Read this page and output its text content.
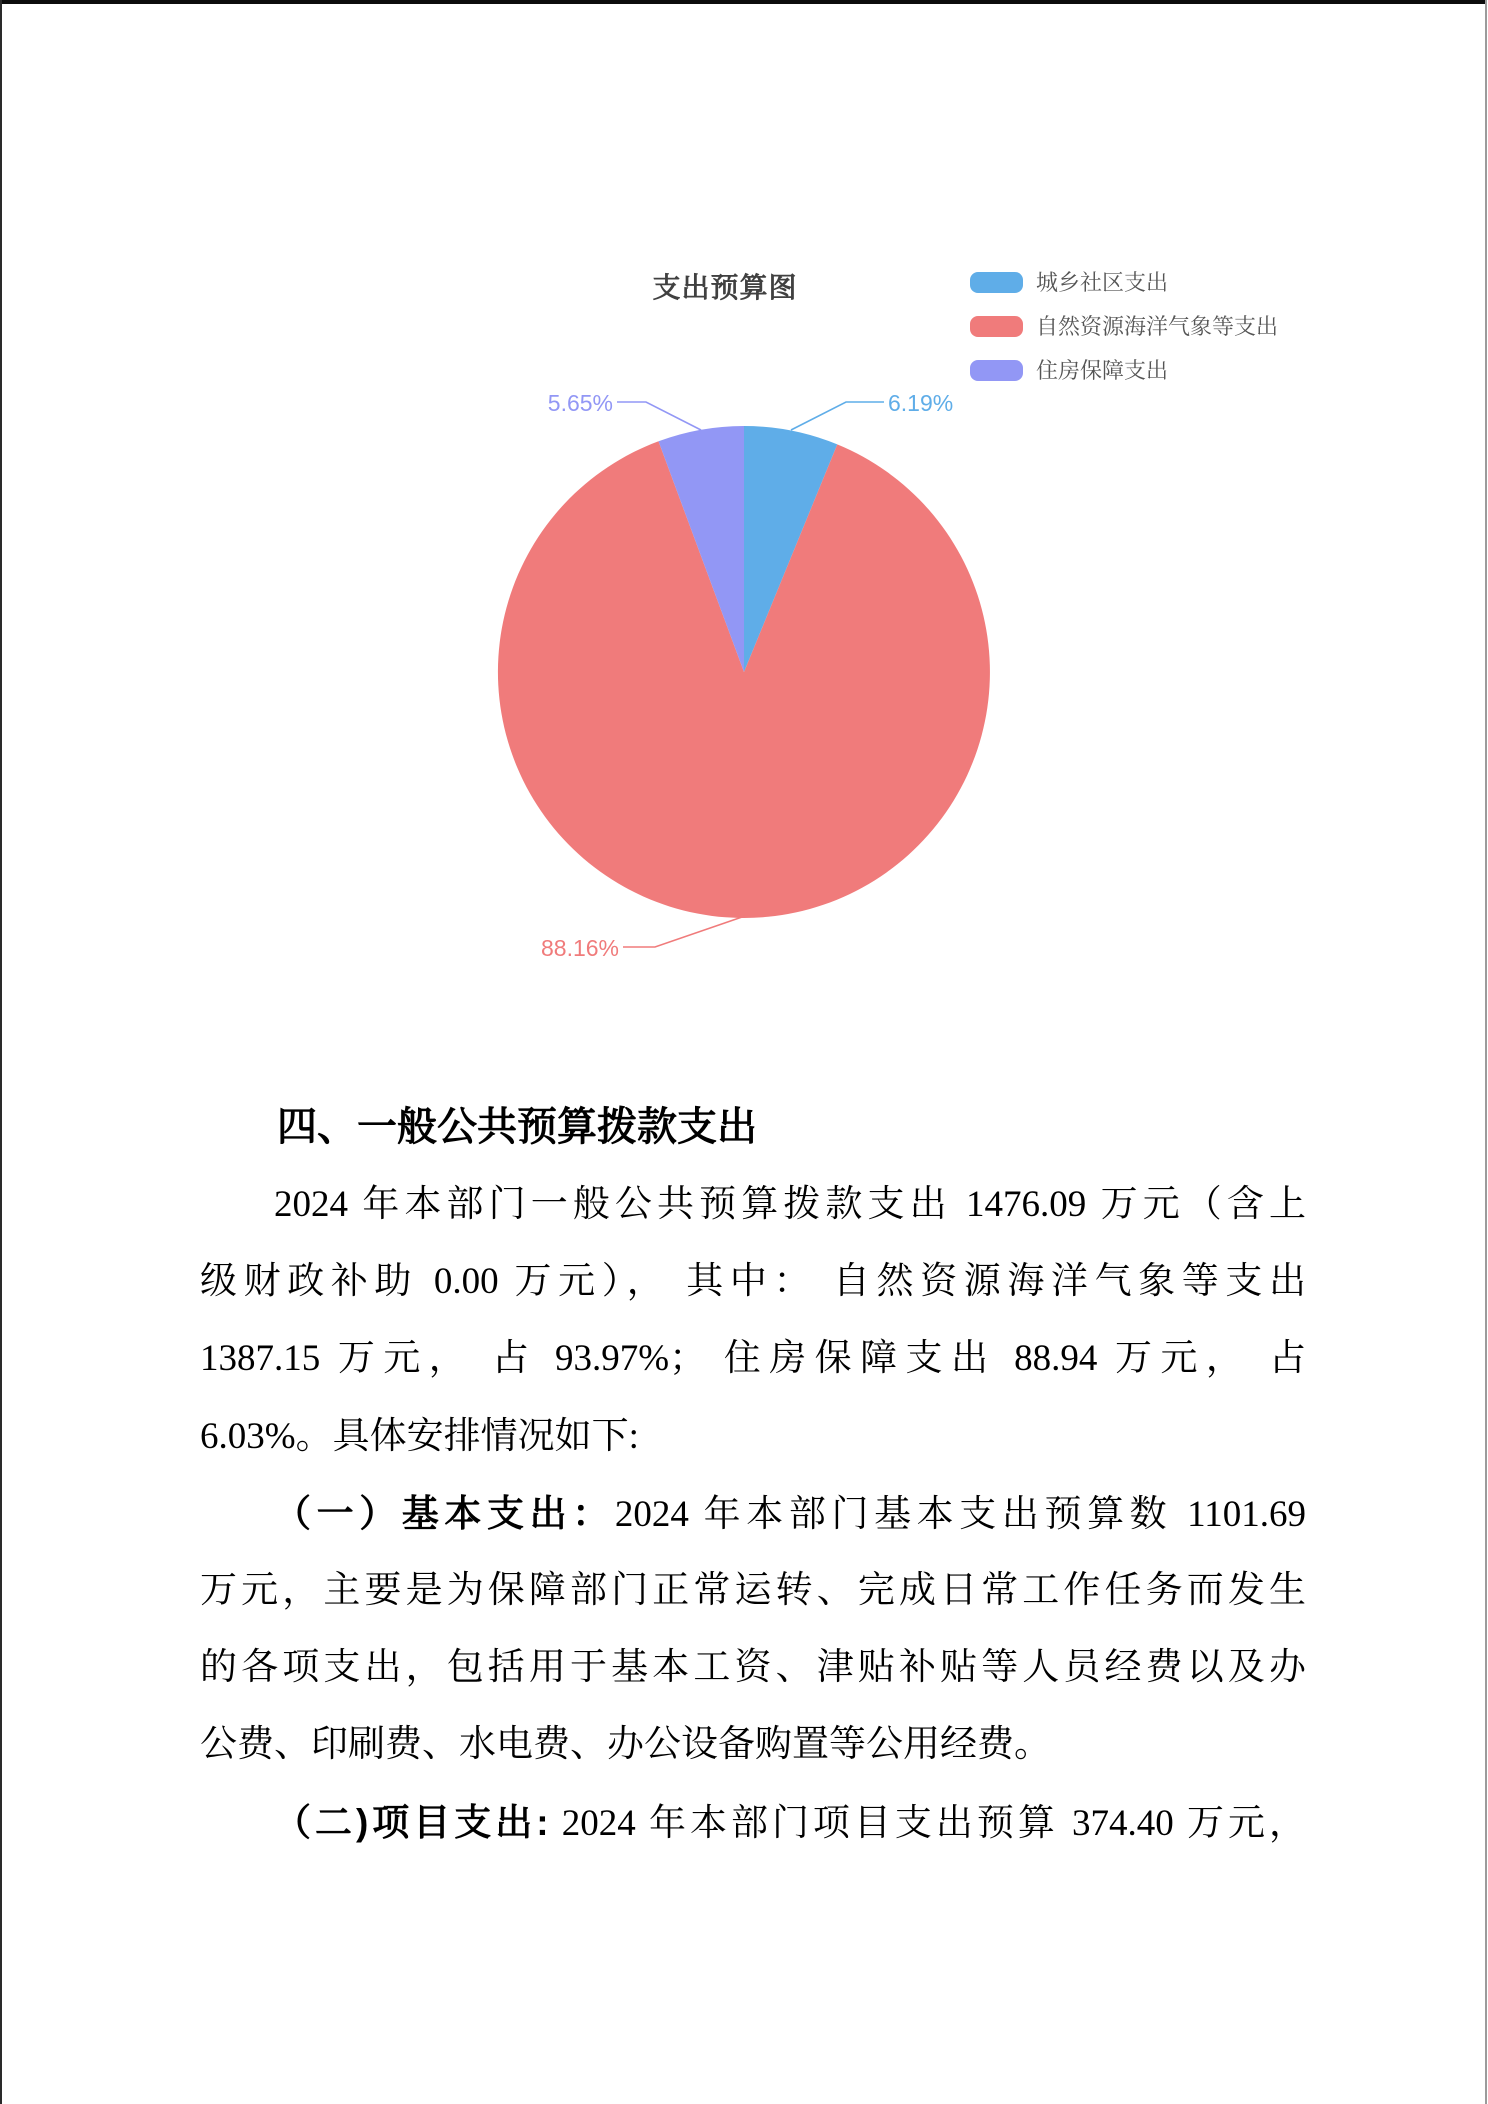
支出预算图	城乡社区支出
自然资源海洋气象等支出
住房保障支出
6.19%
88.16%
5.65%
四、一般公共预算拨款支出
2024 年本部门一般公共预算拨款支出 1476.09 万元（含上
级财政补助 0.00 万元）， 其中： 自然资源海洋气象等支出
1387.15 万元， 占 93.97%； 住房保障支出 88.94 万元， 占
6.03%。具体安排情况如下:
（一）基本支出：2024 年本部门基本支出预算数 1101.69
万元，主要是为保障部门正常运转、完成日常工作任务而发生
的各项支出，包括用于基本工资、津贴补贴等人员经费以及办
公费、印刷费、水电费、办公设备购置等公用经费。
（二)项目支出: 2024 年本部门项目支出预算 374.40 万元，
